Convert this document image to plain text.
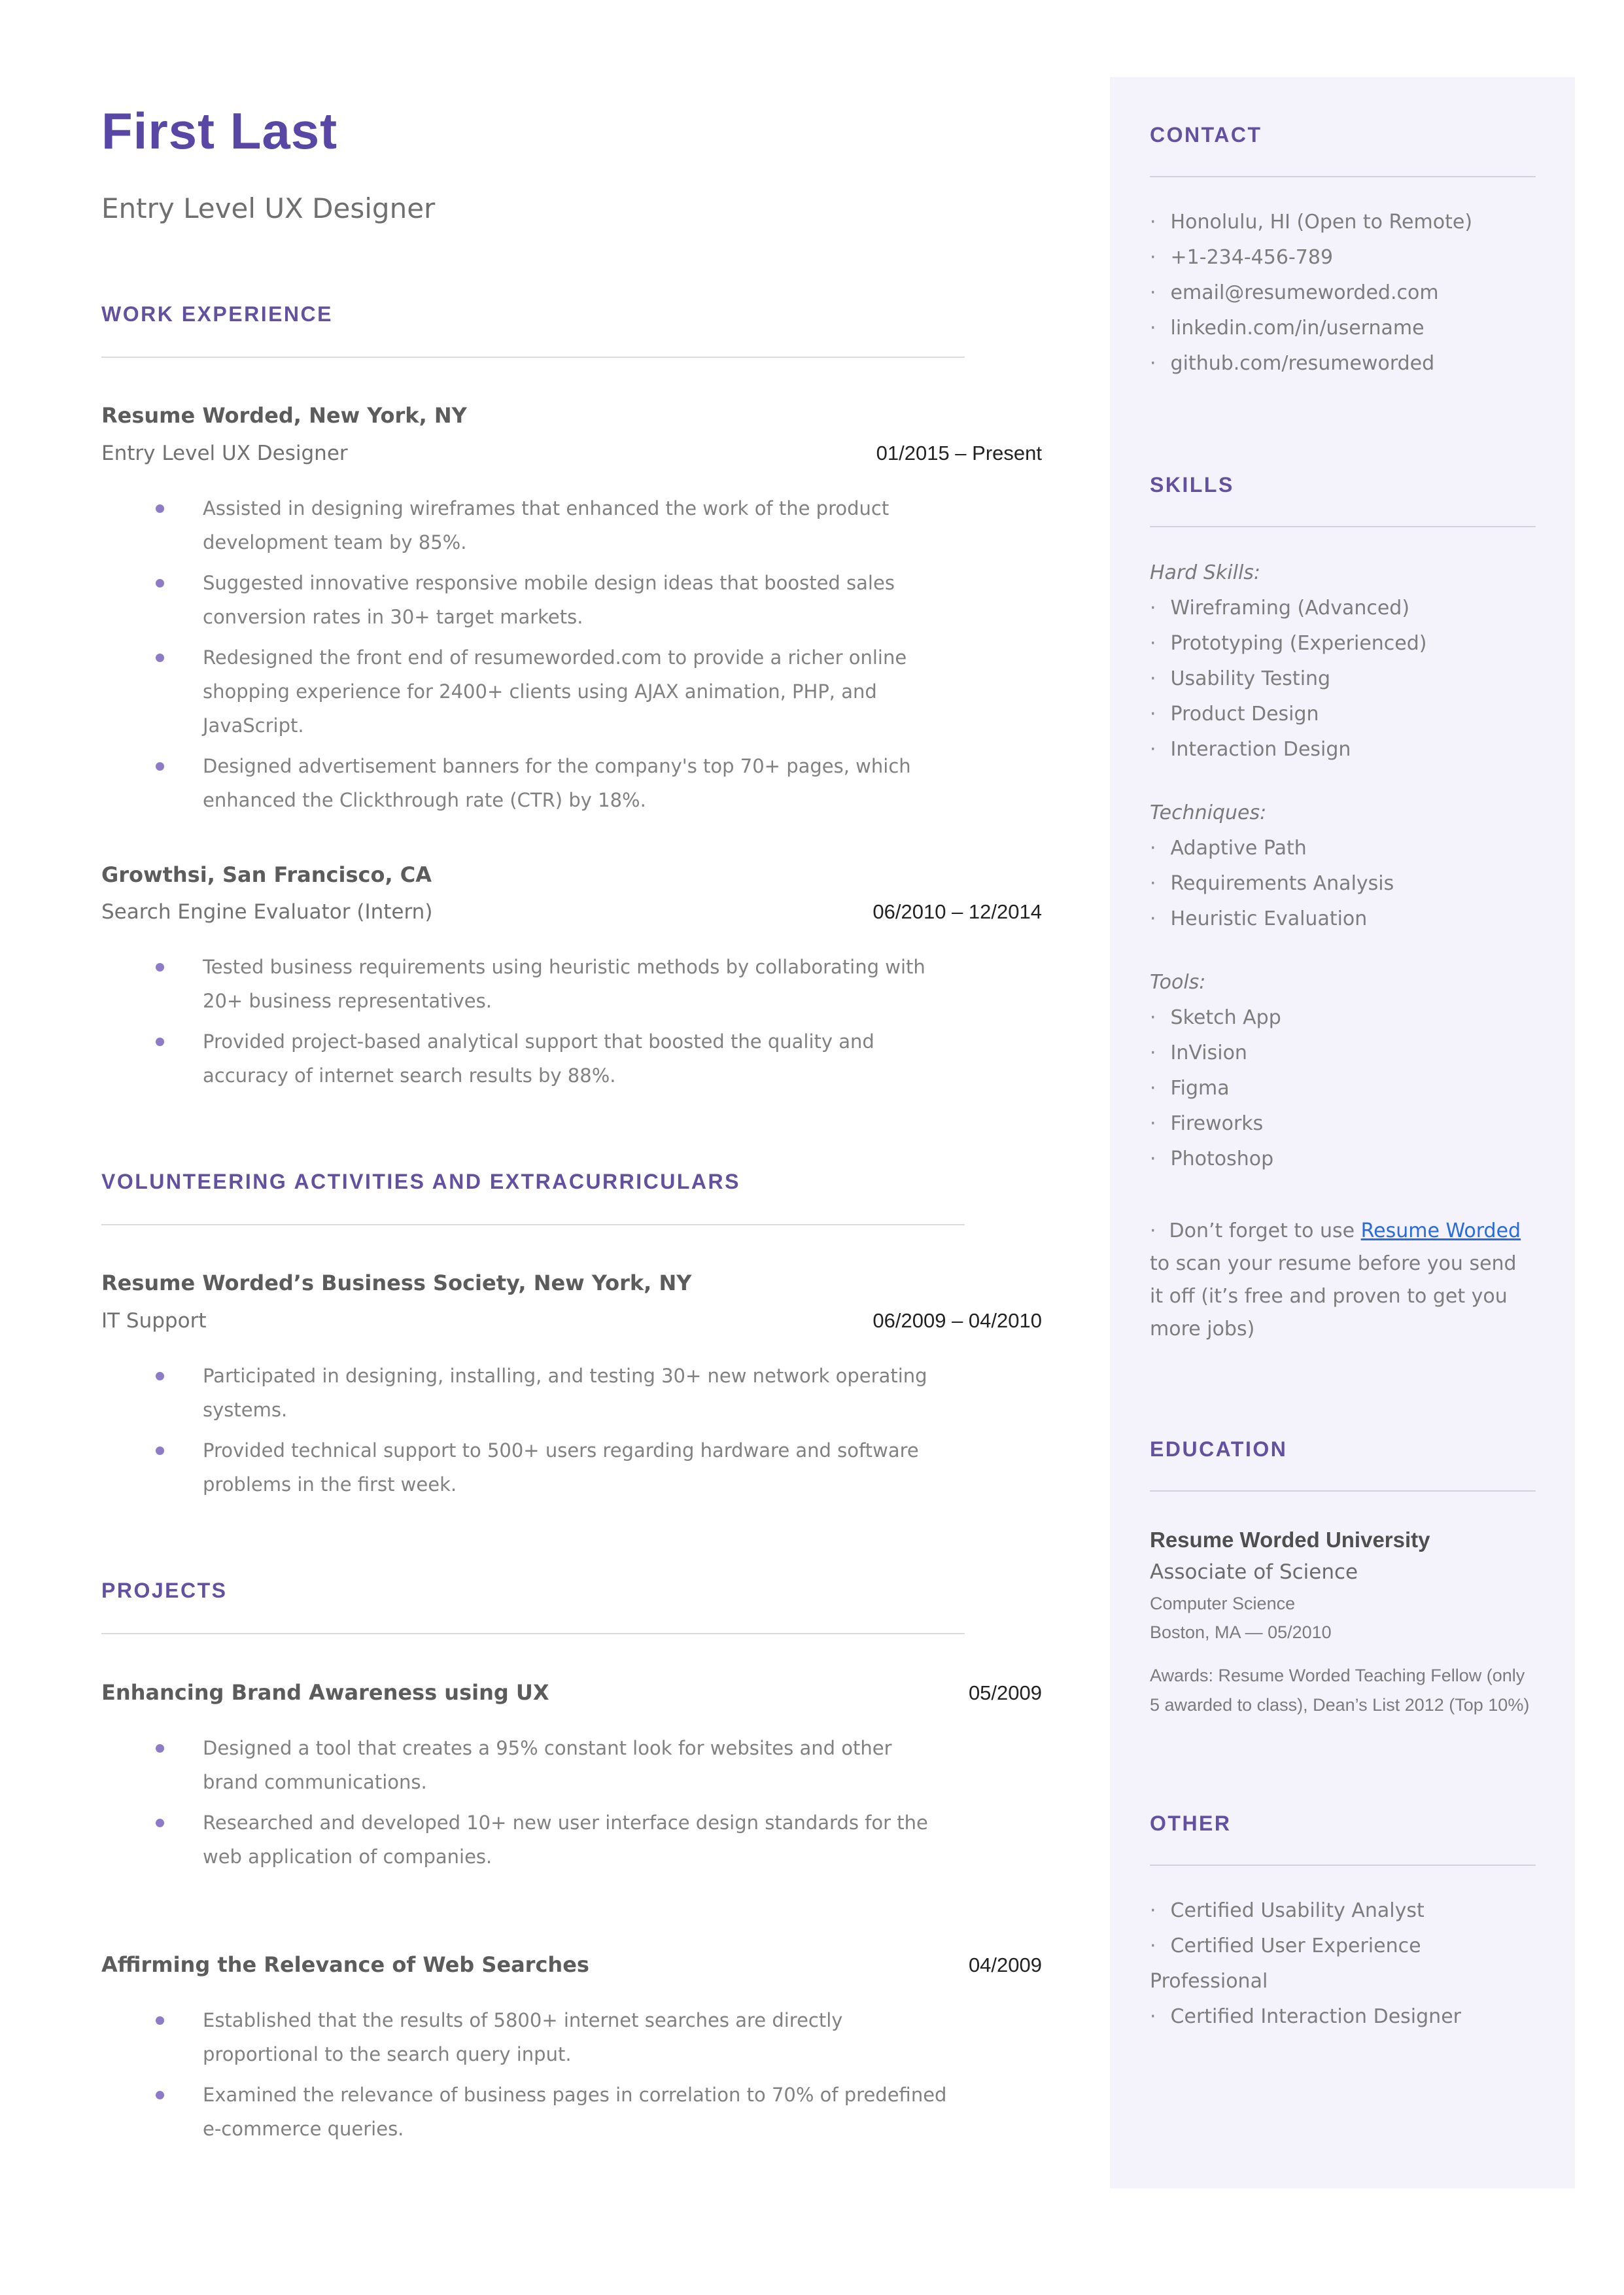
First Last
Entry Level UX Designer
WORK EXPERIENCE
Resume Worded, New York, NY
Entry Level UX Designer	01/2015 – Present
Assisted in designing wireframes that enhanced the work of the product development team by 85%.
Suggested innovative responsive mobile design ideas that boosted sales conversion rates in 30+ target markets.
Redesigned the front end of resumeworded.com to provide a richer online shopping experience for 2400+ clients using AJAX animation, PHP, and JavaScript.
Designed advertisement banners for the company's top 70+ pages, which enhanced the Clickthrough rate (CTR) by 18%.
Growthsi, San Francisco, CA
Search Engine Evaluator (Intern)	06/2010 – 12/2014
Tested business requirements using heuristic methods by collaborating with 20+ business representatives.
Provided project-based analytical support that boosted the quality and accuracy of internet search results by 88%.
VOLUNTEERING ACTIVITIES AND EXTRACURRICULARS
Resume Worded’s Business Society, New York, NY
IT Support	06/2009 – 04/2010
Participated in designing, installing, and testing 30+ new network operating systems.
Provided technical support to 500+ users regarding hardware and software problems in the first week.
PROJECTS
Enhancing Brand Awareness using UX	05/2009
Designed a tool that creates a 95% constant look for websites and other brand communications.
Researched and developed 10+ new user interface design standards for the web application of companies.
Affirming the Relevance of Web Searches	04/2009
Established that the results of 5800+ internet searches are directly proportional to the search query input.
Examined the relevance of business pages in correlation to 70% of predefined e-commerce queries.
CONTACT
· Honolulu, HI (Open to Remote)
· +1-234-456-789
· email@resumeworded.com
· linkedin.com/in/username
· github.com/resumeworded
SKILLS
Hard Skills:
· Wireframing (Advanced)
· Prototyping (Experienced)
· Usability Testing
· Product Design
· Interaction Design
Techniques:
· Adaptive Path
· Requirements Analysis
· Heuristic Evaluation
Tools:
· Sketch App
· InVision
· Figma
· Fireworks
· Photoshop
· Don’t forget to use Resume Worded to scan your resume before you send it off (it’s free and proven to get you more jobs)
EDUCATION
Resume Worded University
Associate of Science
Computer Science
Boston, MA — 05/2010
Awards: Resume Worded Teaching Fellow (only 5 awarded to class), Dean’s List 2012 (Top 10%)
OTHER
· Certified Usability Analyst
· Certified User Experience Professional
· Certified Interaction Designer
